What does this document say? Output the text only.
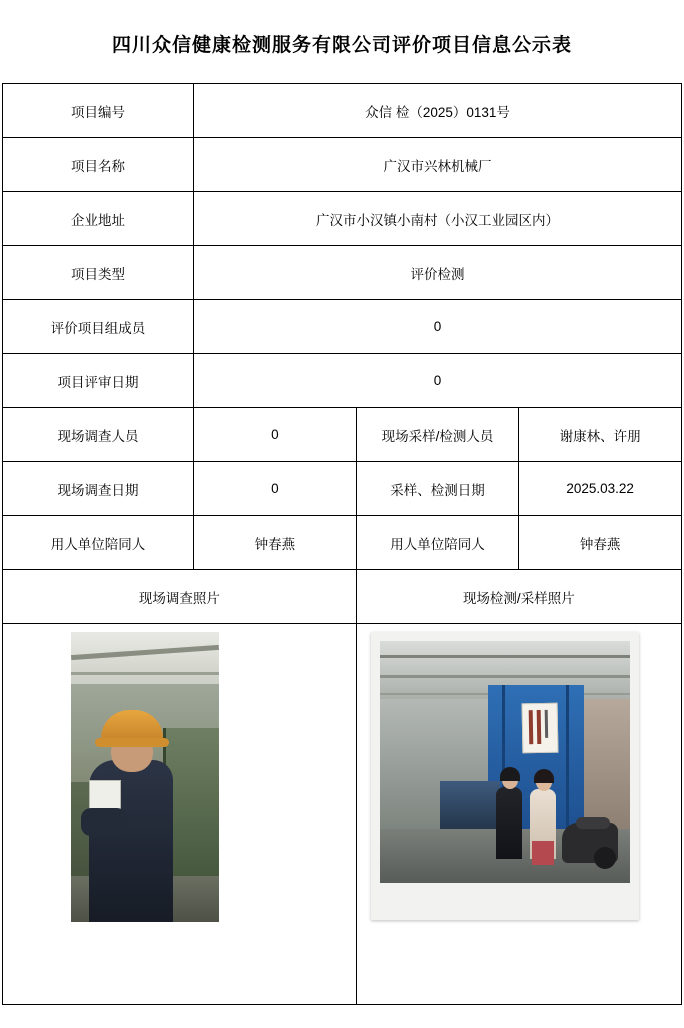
四川众信健康检测服务有限公司评价项目信息公示表
项目编号	众信 检（2025）0131号		
项目名称	广汉市兴林机械厂		
企业地址	广汉市小汉镇小南村（小汉工业园区内）		
项目类型	评价检测		
评价项目组成员	0		
项目评审日期	0		
现场调查人员	0	现场采样/检测人员	谢康林、许朋
现场调查日期	0	采样、检测日期	2025.03.22
用人单位陪同人	钟春燕	用人单位陪同人	钟春燕
现场调查照片		现场检测/采样照片	
